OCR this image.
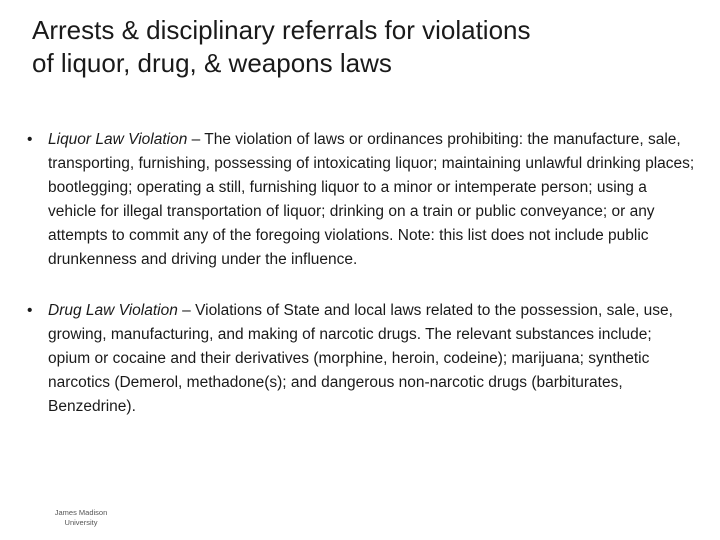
Arrests & disciplinary referrals for violations
of liquor, drug, & weapons laws
• Liquor Law Violation – The violation of laws or ordinances prohibiting: the manufacture, sale, transporting, furnishing, possessing of intoxicating liquor; maintaining unlawful drinking places; bootlegging; operating a still, furnishing liquor to a minor or intemperate person; using a vehicle for illegal transportation of liquor; drinking on a train or public conveyance; or any attempts to commit any of the foregoing violations. Note: this list does not include public drunkenness and driving under the influence.
• Drug Law Violation – Violations of State and local laws related to the possession, sale, use, growing, manufacturing, and making of narcotic drugs. The relevant substances include; opium or cocaine and their derivatives (morphine, heroin, codeine); marijuana; synthetic narcotics (Demerol, methadone(s); and dangerous non-narcotic drugs (barbiturates, Benzedrine).
James Madison
University
